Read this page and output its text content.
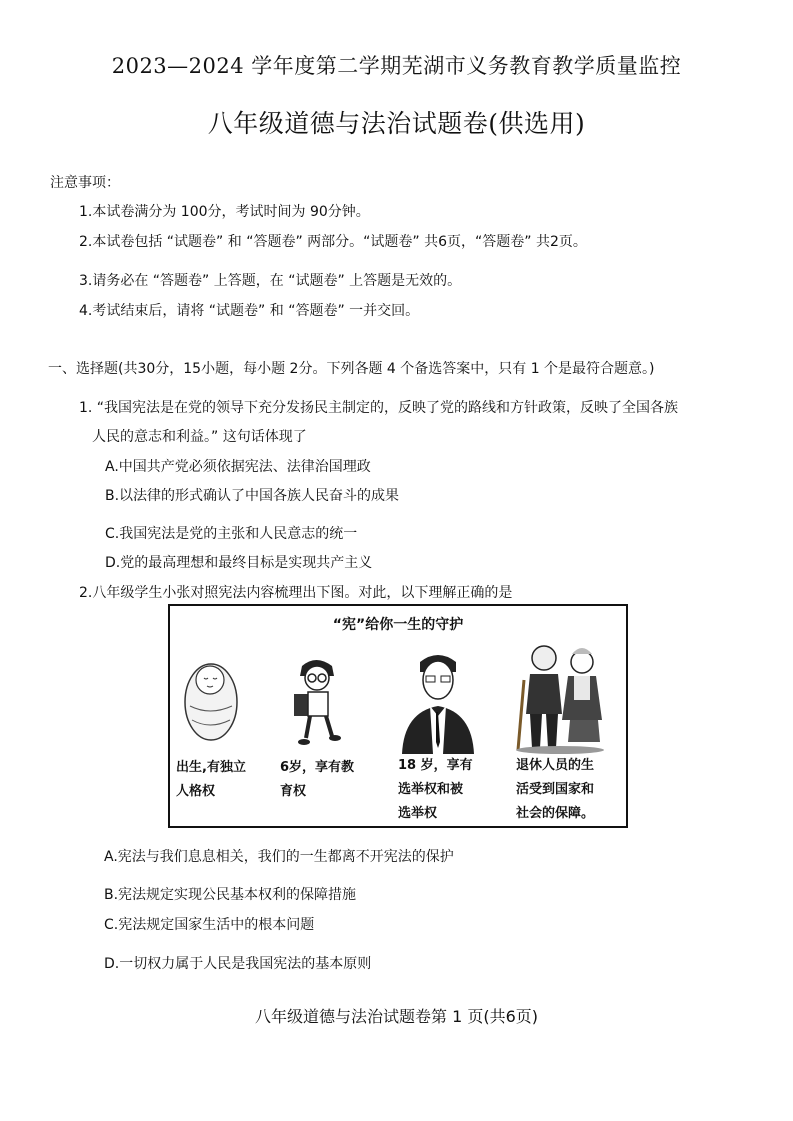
2023—2024 学年度第二学期芜湖市义务教育教学质量监控
八年级道德与法治试题卷(供选用)
注意事项：
1.本试卷满分为 100分，考试时间为 90分钟。
2.本试卷包括 “试题卷” 和 “答题卷” 两部分。“试题卷” 共6页，“答题卷” 共2页。
3.请务必在 “答题卷” 上答题，在 “试题卷” 上答题是无效的。
4.考试结束后，请将 “试题卷” 和 “答题卷” 一并交回。
一、选择题(共30分，15小题，每小题 2分。下列各题 4 个备选答案中，只有 1 个是最符合题意。)
1. “我国宪法是在党的领导下充分发扬民主制定的，反映了党的路线和方针政策，反映了全国各族
人民的意志和利益。” 这句话体现了
A.中国共产党必须依据宪法、法律治国理政
B.以法律的形式确认了中国各族人民奋斗的成果
C.我国宪法是党的主张和人民意志的统一
D.党的最高理想和最终目标是实现共产主义
2.八年级学生小张对照宪法内容梳理出下图。对此，以下理解正确的是
“宪”给你一生的守护
出生,有独立
人格权
6岁，享有教
育权
18 岁，享有
选举权和被
选举权
退休人员的生
活受到国家和
社会的保障。
A.宪法与我们息息相关，我们的一生都离不开宪法的保护
B.宪法规定实现公民基本权利的保障措施
C.宪法规定国家生活中的根本问题
D.一切权力属于人民是我国宪法的基本原则
八年级道德与法治试题卷第 1 页(共6页)
